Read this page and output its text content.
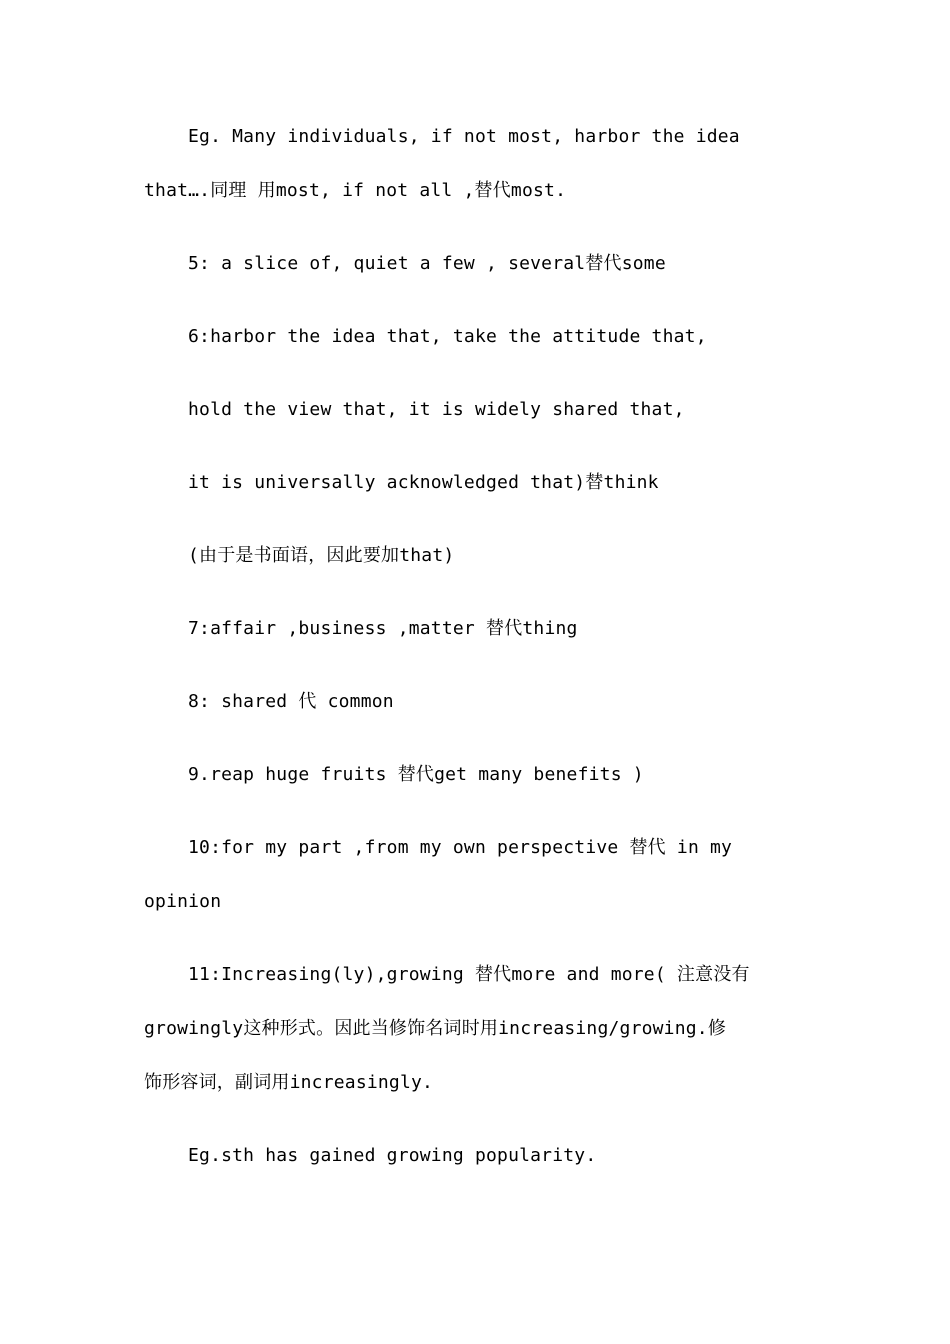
Eg. Many individuals, if not most, harbor the idea
that….同理 用most, if not all ,替代most.
5: a slice of, quiet a few , several替代some
6:harbor the idea that, take the attitude that,
hold the view that, it is widely shared that,
it is universally acknowledged that)替think
(由于是书面语，因此要加that)
7:affair ,business ,matter 替代thing
8: shared 代 common
9.reap huge fruits 替代get many benefits )
10:for my part ,from my own perspective 替代 in my
opinion
11:Increasing(ly),growing 替代more and more( 注意没有
growingly这种形式。因此当修饰名词时用increasing/growing.修
饰形容词，副词用increasingly.
Eg.sth has gained growing popularity.
